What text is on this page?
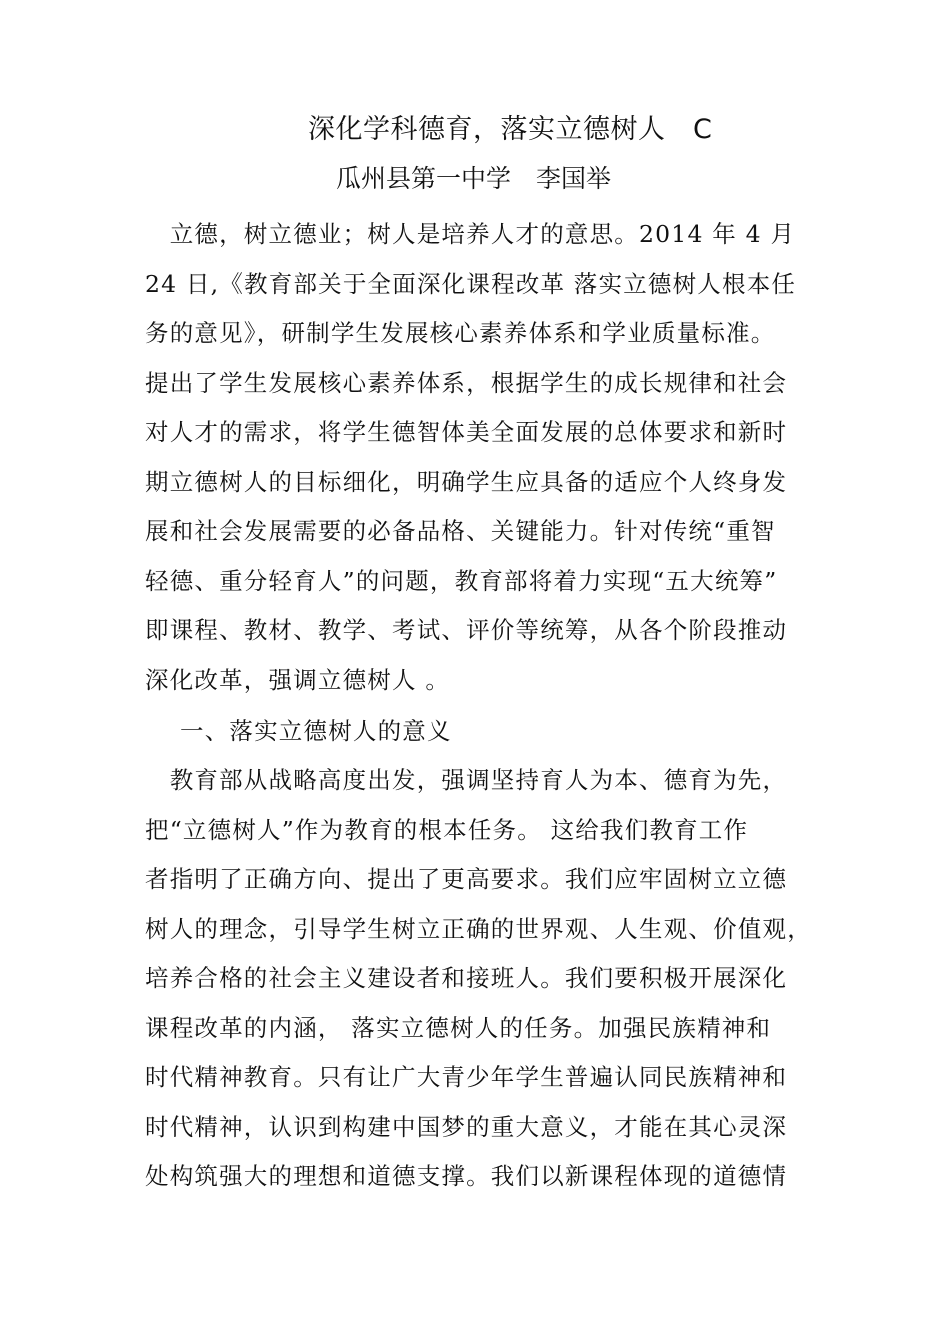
深化学科德育，落实立德树人　C
瓜州县第一中学　李国举
　立德，树立德业；树人是培养人才的意思。2014 年 4 月
24 日,《教育部关于全面深化课程改革 落实立德树人根本任
务的意见》，研制学生发展核心素养体系和学业质量标准。
提出了学生发展核心素养体系，根据学生的成长规律和社会
对人才的需求，将学生德智体美全面发展的总体要求和新时
期立德树人的目标细化，明确学生应具备的适应个人终身发
展和社会发展需要的必备品格、关键能力。针对传统“重智
轻德、重分轻育人”的问题，教育部将着力实现“五大统筹”
即课程、教材、教学、考试、评价等统筹，从各个阶段推动
深化改革，强调立德树人 。
一、落实立德树人的意义
　教育部从战略高度出发，强调坚持育人为本、德育为先，
把“立德树人”作为教育的根本任务。 这给我们教育工作
者指明了正确方向、提出了更高要求。我们应牢固树立立德
树人的理念，引导学生树立正确的世界观、人生观、价值观，
培养合格的社会主义建设者和接班人。我们要积极开展深化
课程改革的内涵， 落实立德树人的任务。加强民族精神和
时代精神教育。只有让广大青少年学生普遍认同民族精神和
时代精神，认识到构建中国梦的重大意义，才能在其心灵深
处构筑强大的理想和道德支撑。我们以新课程体现的道德情
